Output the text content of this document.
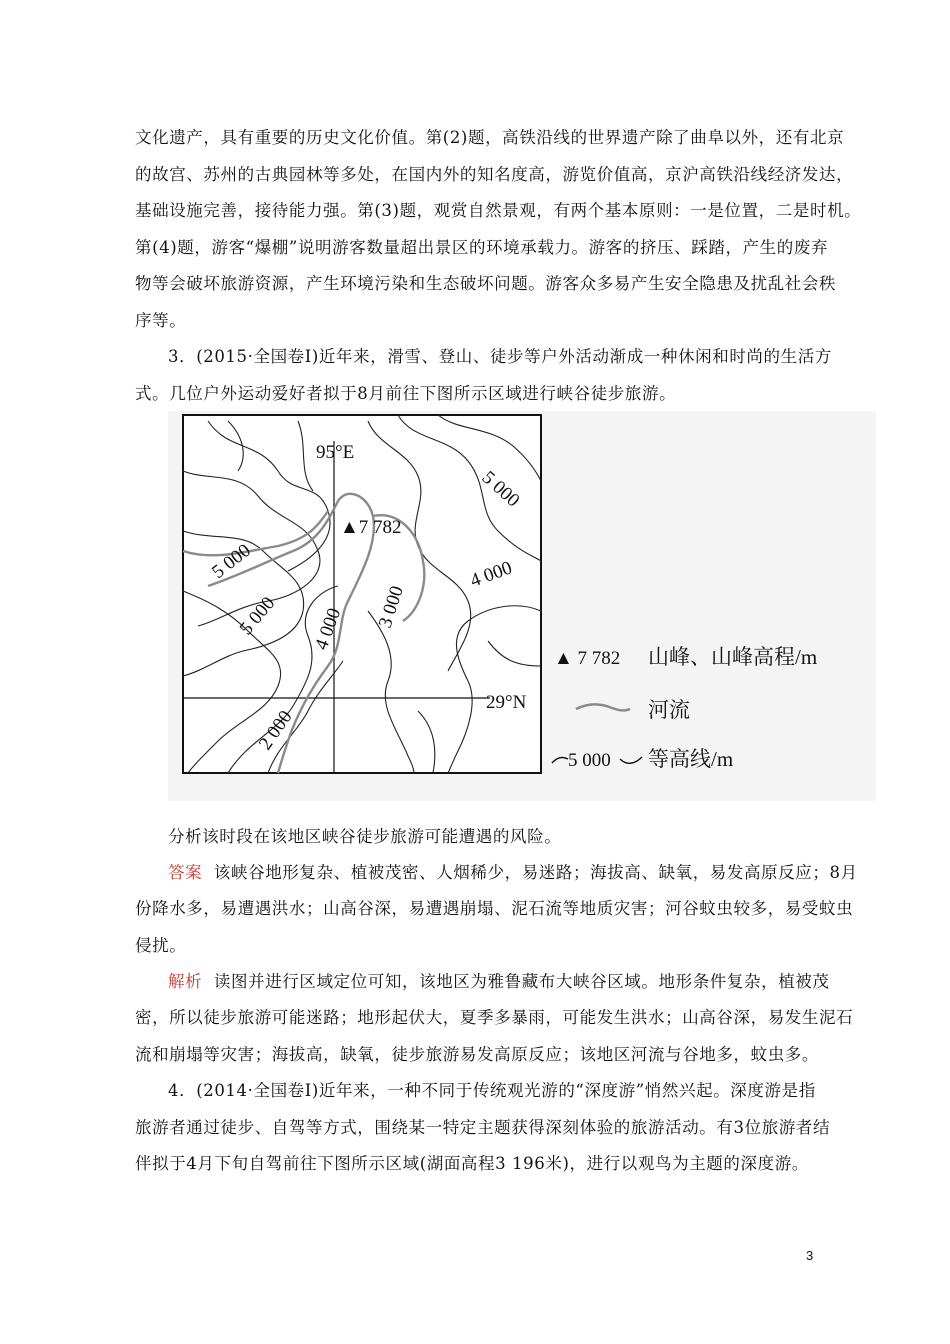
文化遗产，具有重要的历史文化价值。第(2)题，高铁沿线的世界遗产除了曲阜以外，还有北京
的故宫、苏州的古典园林等多处，在国内外的知名度高，游览价值高，京沪高铁沿线经济发达，
基础设施完善，接待能力强。第(3)题，观赏自然景观，有两个基本原则：一是位置，二是时机。
第(4)题，游客“爆棚”说明游客数量超出景区的环境承载力。游客的挤压、踩踏，产生的废弃
物等会破坏旅游资源，产生环境污染和生态破坏问题。游客众多易产生安全隐患及扰乱社会秩
序等。
3．(2015·全国卷Ⅰ)近年来，滑雪、登山、徒步等户外活动渐成一种休闲和时尚的生活方
式。几位户外运动爱好者拟于8月前往下图所示区域进行峡谷徒步旅游。
95°E
▲7 782
29°N
5 000
5 000
5 000
4 000
4 000 3 000
2 000
▲ 7 782 山峰、山峰高程/m
河流
5 000 等高线/m
分析该时段在该地区峡谷徒步旅游可能遭遇的风险。
答案 该峡谷地形复杂、植被茂密、人烟稀少，易迷路；海拔高、缺氧，易发高原反应；8月
份降水多，易遭遇洪水；山高谷深，易遭遇崩塌、泥石流等地质灾害；河谷蚊虫较多，易受蚊虫
侵扰。
解析 读图并进行区域定位可知，该地区为雅鲁藏布大峡谷区域。地形条件复杂，植被茂
密，所以徒步旅游可能迷路；地形起伏大，夏季多暴雨，可能发生洪水；山高谷深，易发生泥石
流和崩塌等灾害；海拔高，缺氧，徒步旅游易发高原反应；该地区河流与谷地多，蚊虫多。
4．(2014·全国卷Ⅰ)近年来，一种不同于传统观光游的“深度游”悄然兴起。深度游是指
旅游者通过徒步、自驾等方式，围绕某一特定主题获得深刻体验的旅游活动。有3位旅游者结
伴拟于4月下旬自驾前往下图所示区域(湖面高程3 196米)，进行以观鸟为主题的深度游。
3
